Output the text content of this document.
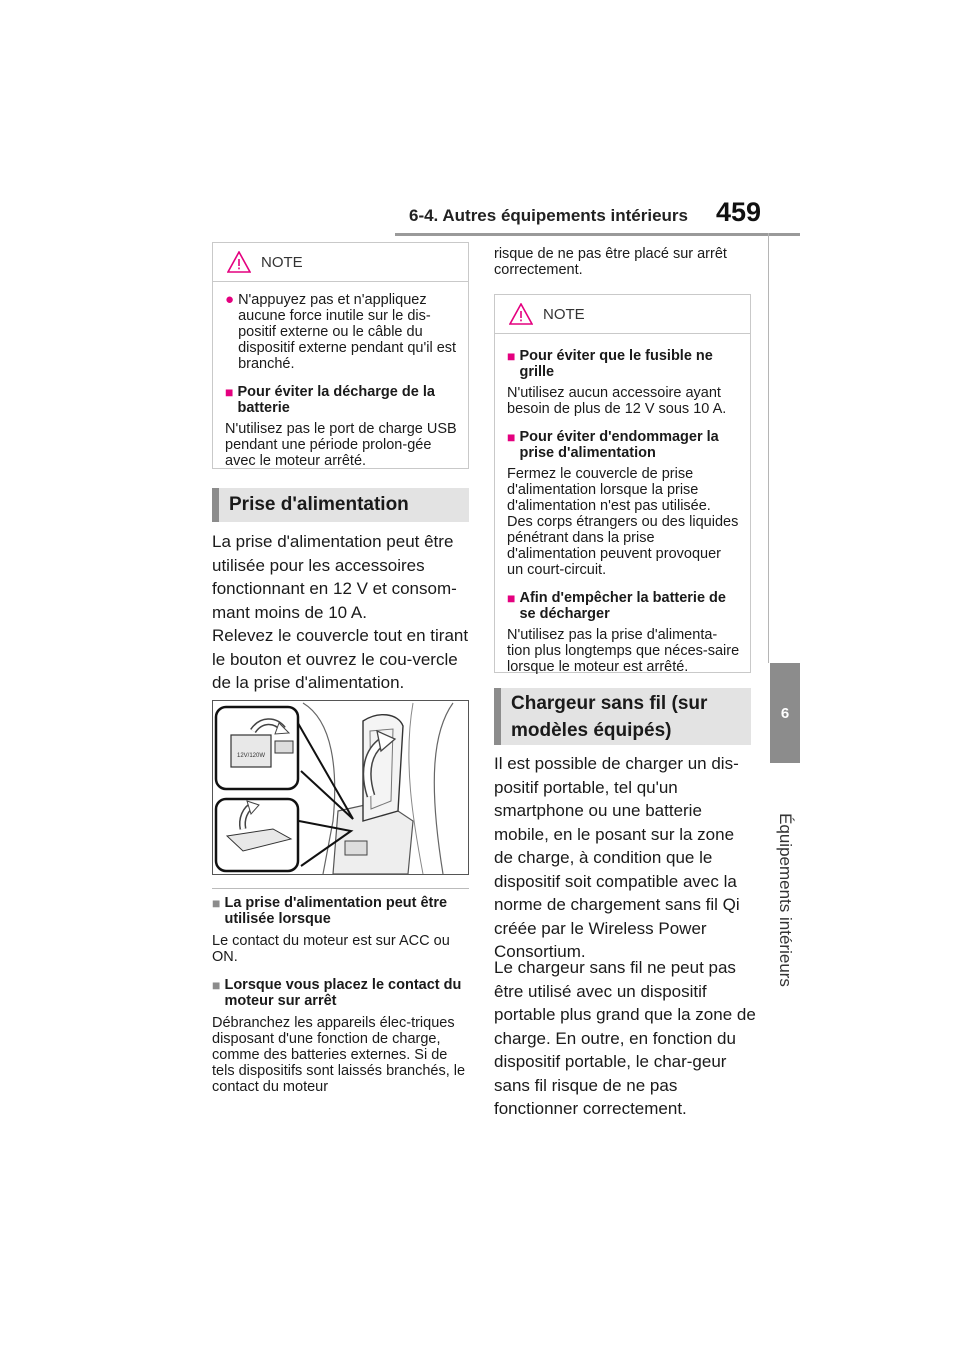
6-4. Autres équipements intérieurs 459
6
Équipements intérieurs
NOTE
● N'appuyez pas et n'appliquez aucune force inutile sur le dis-positif externe ou le câble du dispositif externe pendant qu'il est branché.
■ Pour éviter la décharge de la batterie
N'utilisez pas le port de charge USB pendant une période prolon-gée avec le moteur arrêté.
Prise d'alimentation
La prise d'alimentation peut être utilisée pour les accessoires fonctionnant en 12 V et consom-mant moins de 10 A.
Relevez le couvercle tout en tirant le bouton et ouvrez le cou-vercle de la prise d'alimentation.
12V/120W
■ La prise d'alimentation peut être utilisée lorsque
Le contact du moteur est sur ACC ou ON.
■ Lorsque vous placez le contact du moteur sur arrêt
Débranchez les appareils élec-triques disposant d'une fonction de charge, comme des batteries externes. Si de tels dispositifs sont laissés branchés, le contact du moteur
risque de ne pas être placé sur arrêt correctement.
NOTE
■ Pour éviter que le fusible ne grille
N'utilisez aucun accessoire ayant besoin de plus de 12 V sous 10 A.
■ Pour éviter d'endommager la prise d'alimentation
Fermez le couvercle de prise d'alimentation lorsque la prise d'alimentation n'est pas utilisée. Des corps étrangers ou des liquides pénétrant dans la prise d'alimentation peuvent provoquer un court-circuit.
■ Afin d'empêcher la batterie de se décharger
N'utilisez pas la prise d'alimenta-tion plus longtemps que néces-saire lorsque le moteur est arrêté.
Chargeur sans fil (sur modèles équipés)
Il est possible de charger un dis-positif portable, tel qu'un smartphone ou une batterie mobile, en le posant sur la zone de charge, à condition que le dispositif soit compatible avec la norme de chargement sans fil Qi créée par le Wireless Power Consortium.
Le chargeur sans fil ne peut pas être utilisé avec un dispositif portable plus grand que la zone de charge. En outre, en fonction du dispositif portable, le char-geur sans fil risque de ne pas fonctionner correctement.
